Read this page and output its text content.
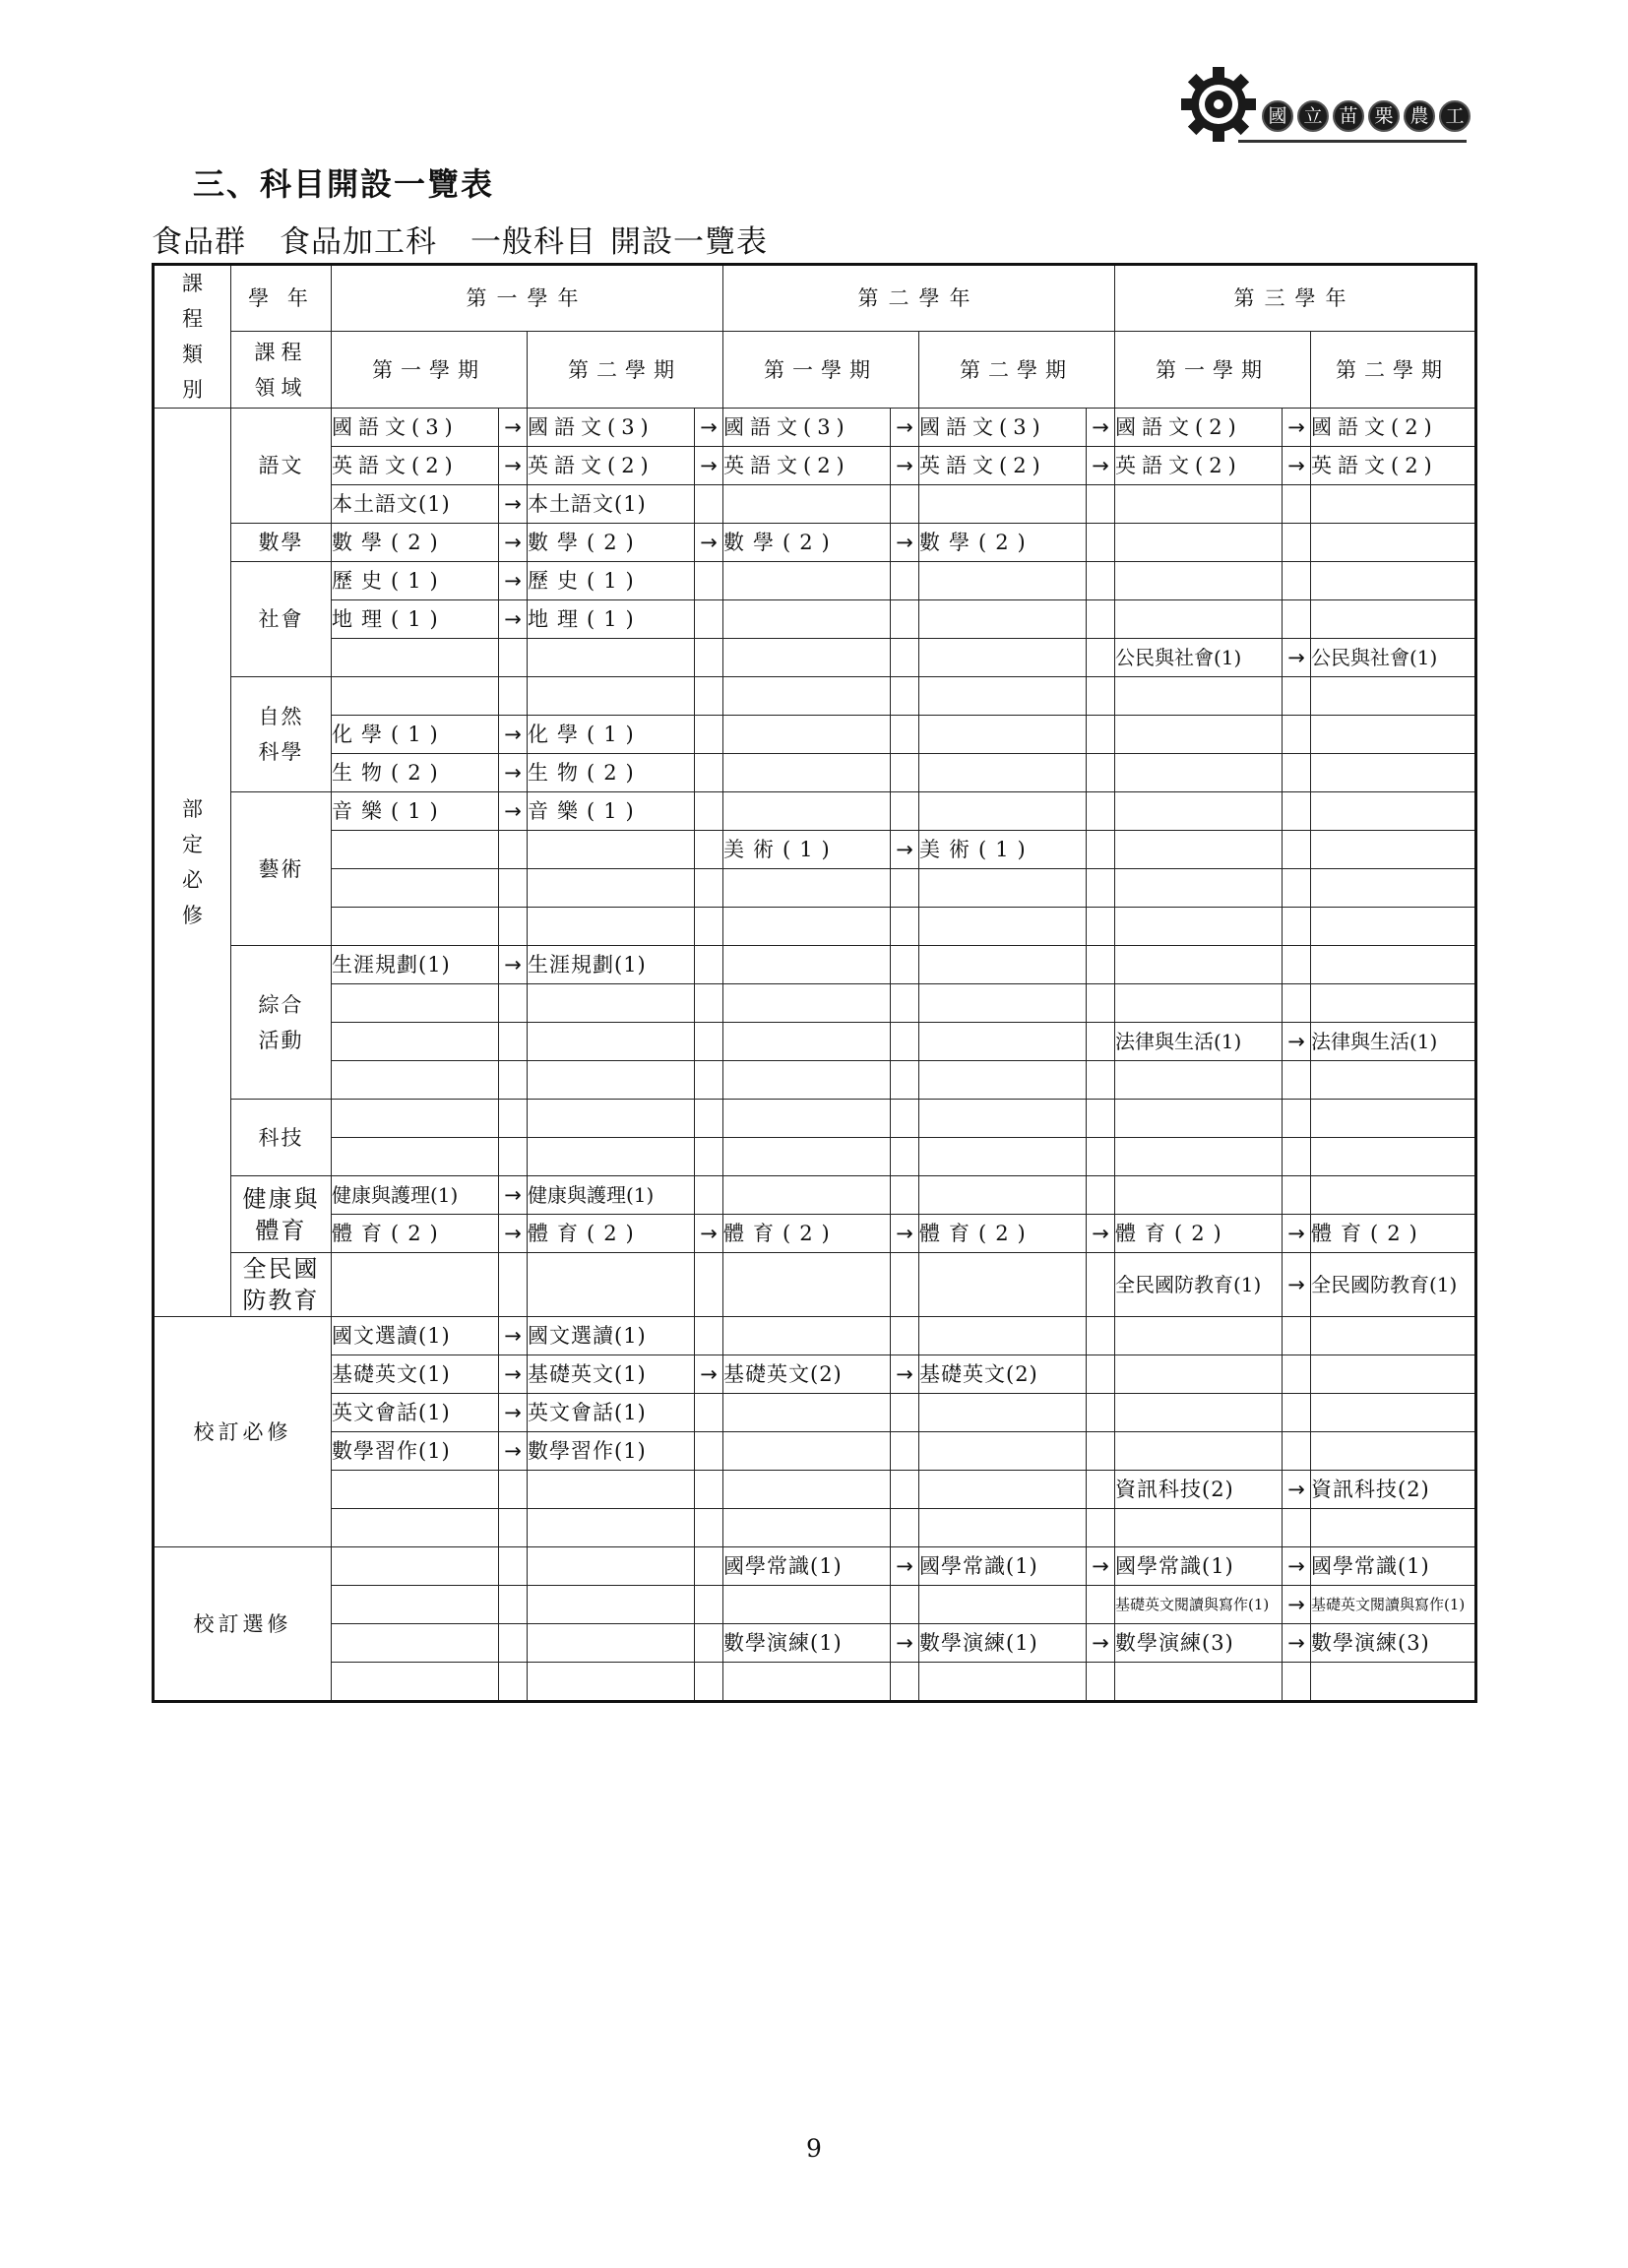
國 立 苗 栗 農 工
三、科目開設一覽表

食品群 食品加工科 一般科目 開設一覽表

課
程
類
別	學 年	第一學年				第二學年				第三學年		
	課程
領域	第一學期		第二學期		第一學期		第二學期		第一學期		第二學期
部
定
必
修	語文	國語文(3)	→	國語文(3)	→	國語文(3)	→	國語文(3)	→	國語文(2)	→	國語文(2)
		英語文(2)	→	英語文(2)	→	英語文(2)	→	英語文(2)	→	英語文(2)	→	英語文(2)
		本土語文(1)	→	本土語文(1)								
	數學	數學(2)	→	數學(2)	→	數學(2)	→	數學(2)				
	社會	歷史(1)	→	歷史(1)								
		地理(1)	→	地理(1)								
										公民與社會(1)	→	公民與社會(1)
	自然
科學											
		化學(1)	→	化學(1)								
		生物(2)	→	生物(2)								
	藝術	音樂(1)	→	音樂(1)								
						美術(1)	→	美術(1)				

	綜合
活動	生涯規劃(1)	→	生涯規劃(1)								

										法律與生活(1)	→	法律與生活(1)

	科技											

	健康與
體育	健康與護理(1)	→	健康與護理(1)								
		體育(2)	→	體育(2)	→	體育(2)	→	體育(2)	→	體育(2)	→	體育(2)
	全民國
防教育									全民國防教育(1)	→	全民國防教育(1)
校訂必修		國文選讀(1)	→	國文選讀(1)								
		基礎英文(1)	→	基礎英文(1)	→	基礎英文(2)	→	基礎英文(2)				
		英文會話(1)	→	英文會話(1)								
		數學習作(1)	→	數學習作(1)								
										資訊科技(2)	→	資訊科技(2)

校訂選修						國學常識(1)	→	國學常識(1)	→	國學常識(1)	→	國學常識(1)
										基礎英文閱讀與寫作(1)	→	基礎英文閱讀與寫作(1)
						數學演練(1)	→	數學演練(1)	→	數學演練(3)	→	數學演練(3)

9
